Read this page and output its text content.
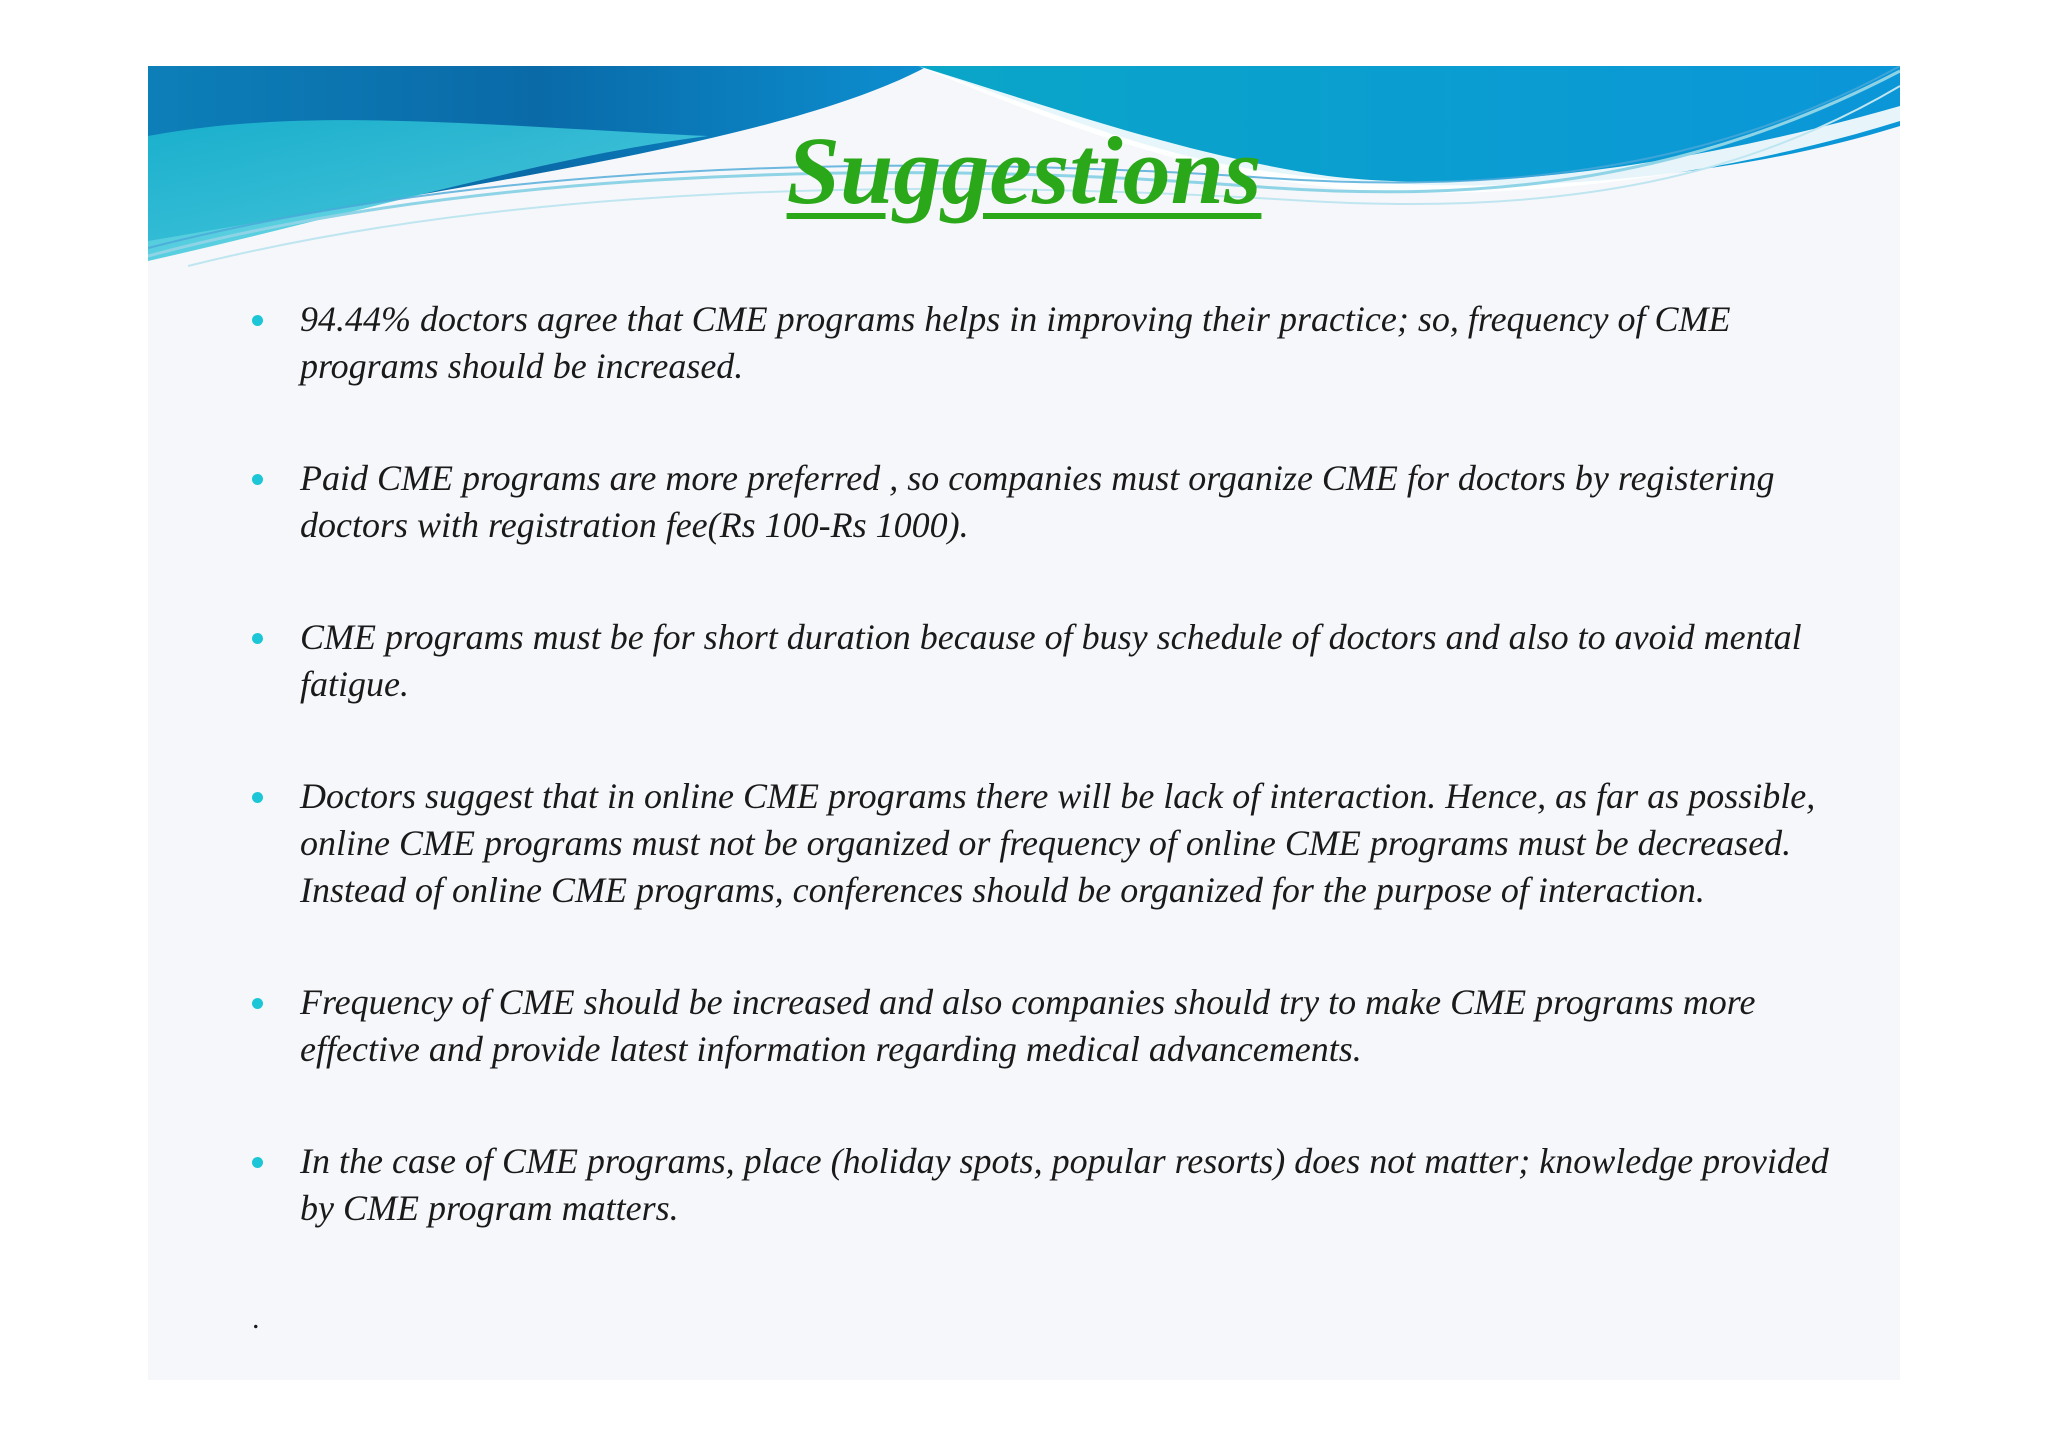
Suggestions
94.44% doctors agree that CME programs helps in improving their practice; so, frequency of CME programs should be increased.
Paid CME programs are more preferred , so companies must organize CME for doctors by registering doctors with registration fee(Rs 100-Rs 1000).
CME programs must be for short duration because of busy schedule of doctors and also to avoid mental fatigue.
Doctors suggest that in online CME programs there will be lack of interaction. Hence, as far as possible, online CME programs must not be organized or frequency of online CME programs must be decreased. Instead of online CME programs, conferences should be organized for the purpose of interaction.
Frequency of CME should be increased and also companies should try to make CME programs more effective and provide latest information regarding medical advancements.
In the case of CME programs, place (holiday spots, popular resorts) does not matter; knowledge provided by CME program matters.
.
